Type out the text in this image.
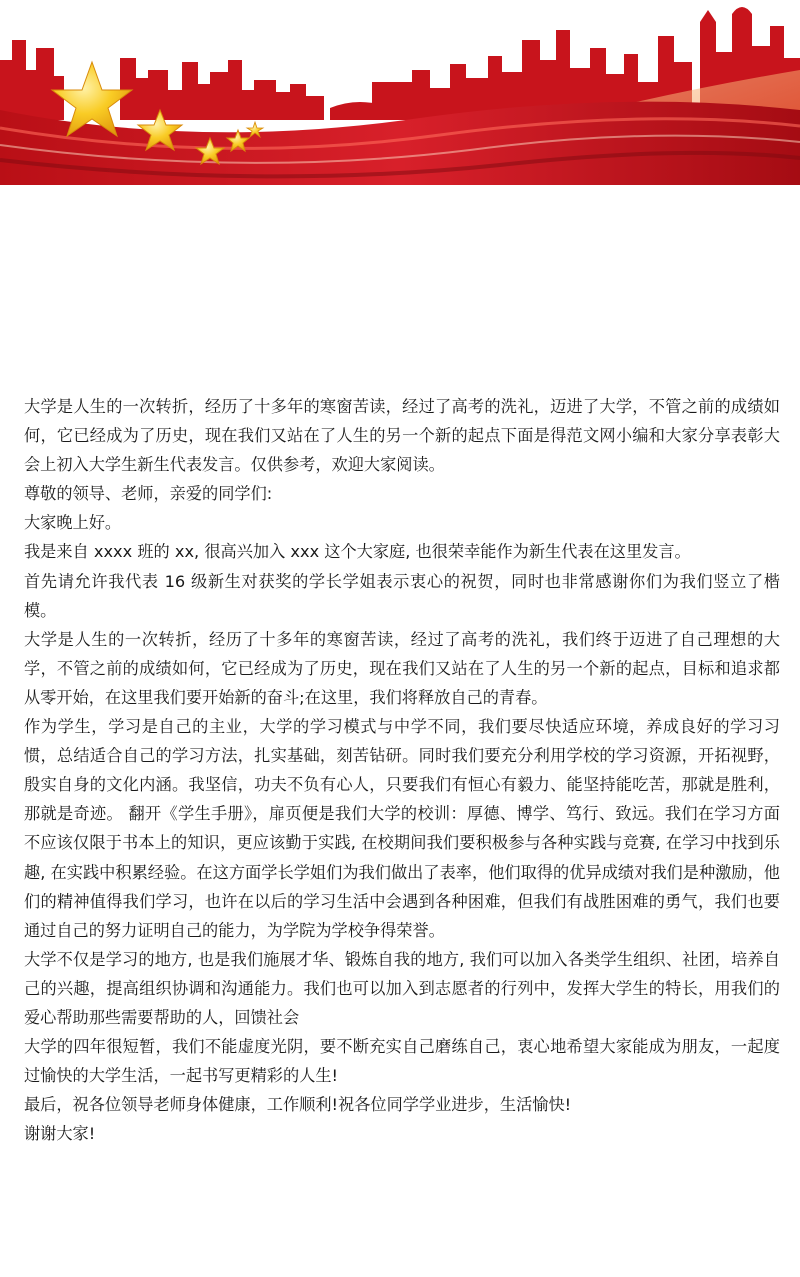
大学是人生的一次转折，经历了十多年的寒窗苦读，经过了高考的洗礼，迈进了大学，不管之前的成绩如何，它已经成为了历史，现在我们又站在了人生的另一个新的起点下面是得范文网小编和大家分享表彰大会上初入大学生新生代表发言。仅供参考，欢迎大家阅读。

尊敬的领导、老师，亲爱的同学们:

大家晚上好。

我是来自 xxxx 班的 xx, 很高兴加入 xxx 这个大家庭, 也很荣幸能作为新生代表在这里发言。

首先请允许我代表 16 级新生对获奖的学长学姐表示衷心的祝贺，同时也非常感谢你们为我们竖立了楷模。

大学是人生的一次转折，经历了十多年的寒窗苦读，经过了高考的洗礼，我们终于迈进了自己理想的大学，不管之前的成绩如何，它已经成为了历史，现在我们又站在了人生的另一个新的起点，目标和追求都从零开始，在这里我们要开始新的奋斗;在这里，我们将释放自己的青春。

作为学生，学习是自己的主业，大学的学习模式与中学不同，我们要尽快适应环境，养成良好的学习习惯，总结适合自己的学习方法，扎实基础，刻苦钻研。同时我们要充分利用学校的学习资源，开拓视野，殷实自身的文化内涵。我坚信，功夫不负有心人，只要我们有恒心有毅力、能坚持能吃苦，那就是胜利，那就是奇迹。 翻开《学生手册》，扉页便是我们大学的校训：厚德、博学、笃行、致远。我们在学习方面不应该仅限于书本上的知识，更应该勤于实践, 在校期间我们要积极参与各种实践与竞赛, 在学习中找到乐趣, 在实践中积累经验。在这方面学长学姐们为我们做出了表率，他们取得的优异成绩对我们是种激励，他们的精神值得我们学习，也许在以后的学习生活中会遇到各种困难，但我们有战胜困难的勇气，我们也要通过自己的努力证明自己的能力，为学院为学校争得荣誉。

大学不仅是学习的地方, 也是我们施展才华、锻炼自我的地方, 我们可以加入各类学生组织、社团，培养自己的兴趣，提高组织协调和沟通能力。我们也可以加入到志愿者的行列中，发挥大学生的特长，用我们的爱心帮助那些需要帮助的人，回馈社会

大学的四年很短暂，我们不能虚度光阴，要不断充实自己磨练自己，衷心地希望大家能成为朋友，一起度过愉快的大学生活，一起书写更精彩的人生!

最后，祝各位领导老师身体健康，工作顺利!祝各位同学学业进步，生活愉快!

谢谢大家!
